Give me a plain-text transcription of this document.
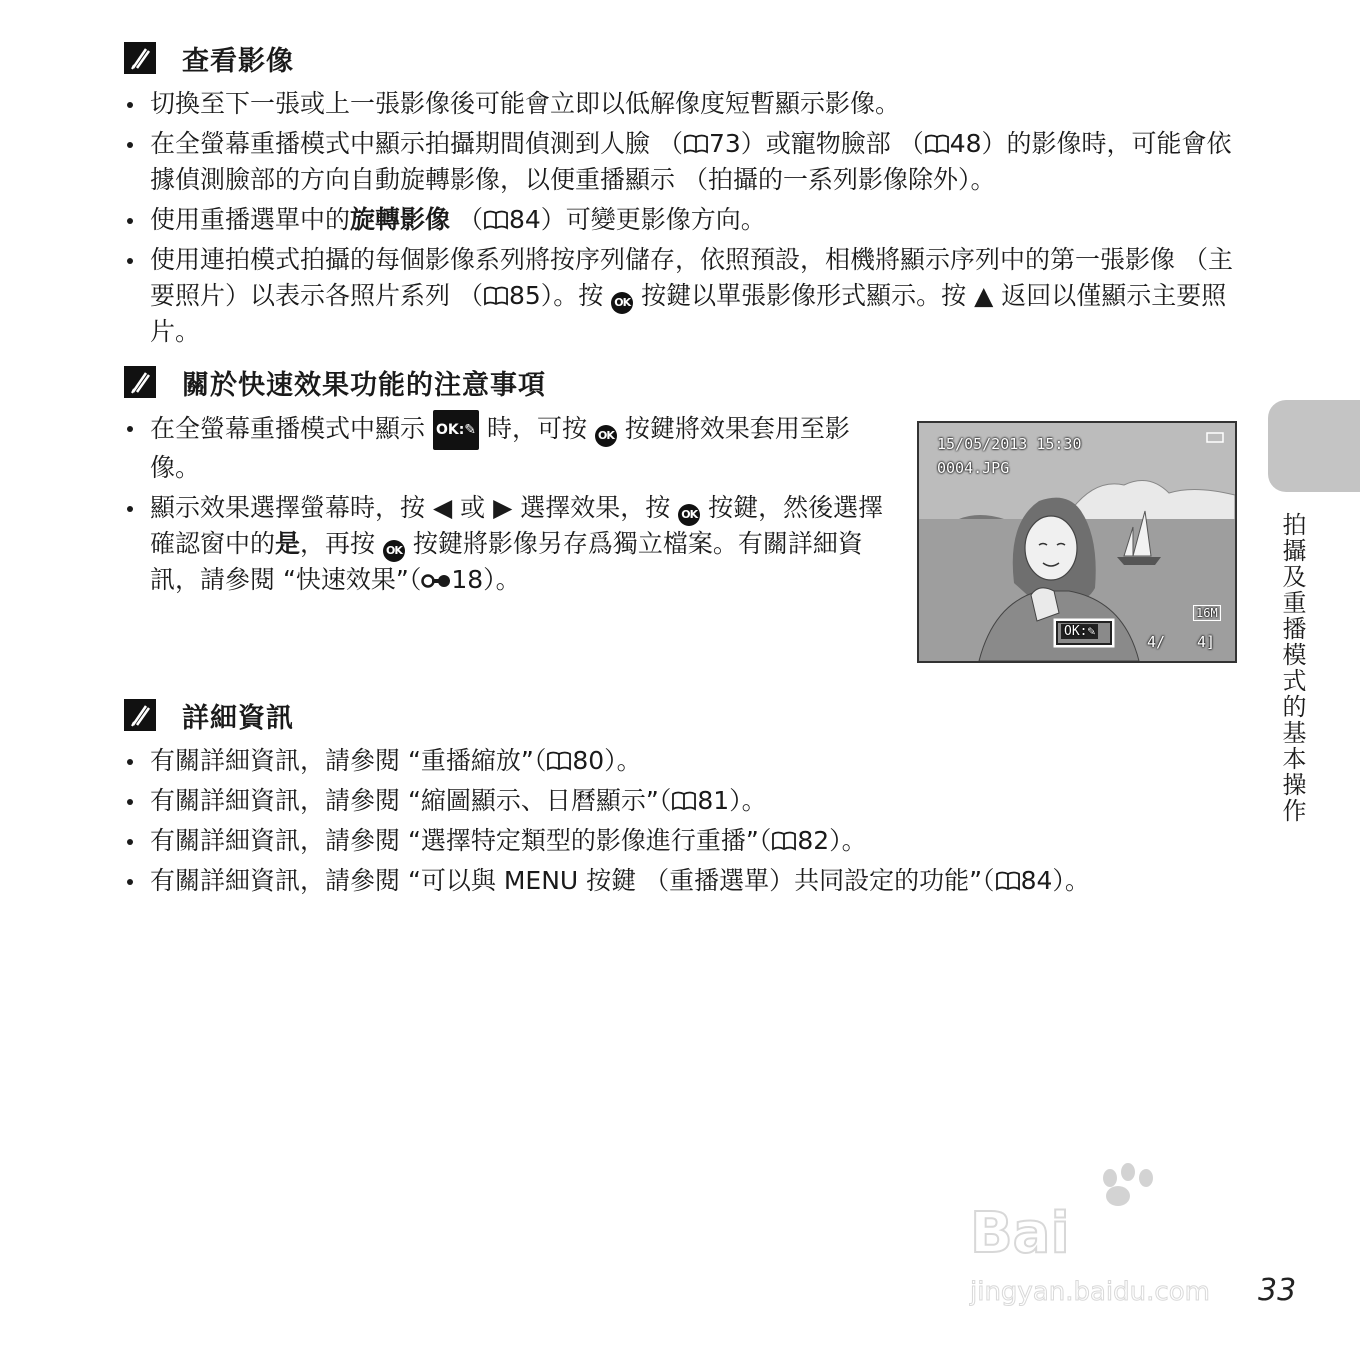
查看影像
切換至下一張或上一張影像後可能會立即以低解像度短暫顯示影像。
在全螢幕重播模式中顯示拍攝期間偵測到人臉 （ 73）或寵物臉部 （ 48）的影像時，可能會依據偵測臉部的方向自動旋轉影像，以便重播顯示 （拍攝的一系列影像除外）。
使用重播選單中的旋轉影像 （ 84）可變更影像方向。
使用連拍模式拍攝的每個影像系列將按序列儲存，依照預設，相機將顯示序列中的第一張影像 （主要照片）以表示各照片系列 （ 85）。按 OK 按鍵以單張影像形式顯示。按 ▲ 返回以僅顯示主要照片。
關於快速效果功能的注意事項
在全螢幕重播模式中顯示 OK:✎ 時，可按 OK 按鍵將效果套用至影像。
顯示效果選擇螢幕時，按 ◀ 或 ▶ 選擇效果，按 OK 按鍵，然後選擇確認窗中的是，再按 OK 按鍵將影像另存爲獨立檔案。有關詳細資訊，請參閱 “快速效果”（ 18）。
15/05/2013 15:30
0004.JPG
OK:✎
4/ 4]
16M
詳細資訊
有關詳細資訊，請參閱 “重播縮放”（ 80）。
有關詳細資訊，請參閱 “縮圖顯示、日曆顯示”（ 81）。
有關詳細資訊，請參閱 “選擇特定類型的影像進行重播”（ 82）。
有關詳細資訊，請參閱 “可以與 MENU 按鍵 （重播選單）共同設定的功能”（ 84）。
拍攝及重播模式的基本操作
Bai
jingyan.baidu.com 33
